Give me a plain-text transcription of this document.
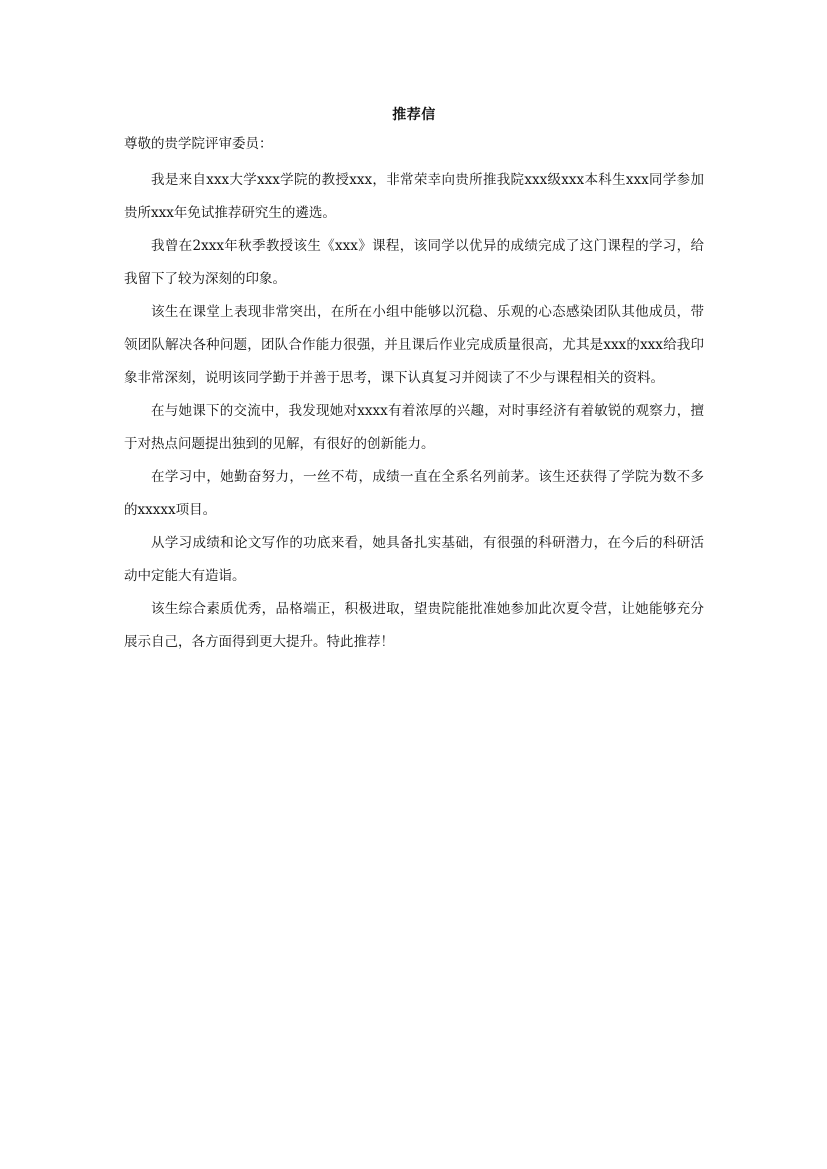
推荐信
尊敬的贵学院评审委员：

我是来自xxx大学xxx学院的教授xxx，非常荣幸向贵所推我院xxx级xxx本科生xxx同学参加贵所xxx年免试推荐研究生的遴选。

我曾在2xxx年秋季教授该生《xxx》课程，该同学以优异的成绩完成了这门课程的学习，给我留下了较为深刻的印象。

该生在课堂上表现非常突出，在所在小组中能够以沉稳、乐观的心态感染团队其他成员，带领团队解决各种问题，团队合作能力很强，并且课后作业完成质量很高，尤其是xxx的xxx给我印象非常深刻，说明该同学勤于并善于思考，课下认真复习并阅读了不少与课程相关的资料。

在与她课下的交流中，我发现她对xxxx有着浓厚的兴趣，对时事经济有着敏锐的观察力，擅于对热点问题提出独到的见解，有很好的创新能力。

在学习中，她勤奋努力，一丝不苟，成绩一直在全系名列前茅。该生还获得了学院为数不多的xxxxx项目。

从学习成绩和论文写作的功底来看，她具备扎实基础，有很强的科研潜力，在今后的科研活动中定能大有造诣。

该生综合素质优秀，品格端正，积极进取，望贵院能批准她参加此次夏令营，让她能够充分展示自己，各方面得到更大提升。特此推荐！
